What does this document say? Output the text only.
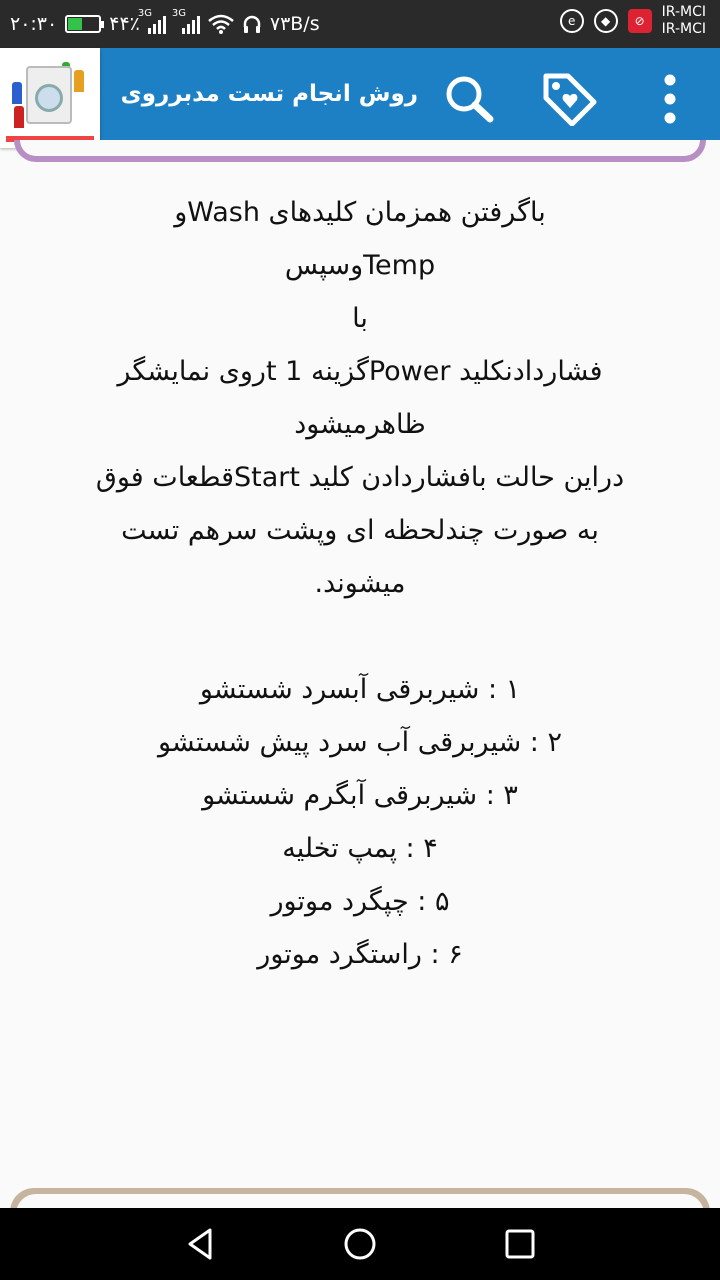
۲۰:۳۰	۴۴٪
3G 3G	۷۳B/s	e	◆	⊘
IR-MCI
IR-MCI
روش انجام تست مدبرروی

باگرفتن همزمان کلیدهای Washو

Tempوسپس

با

فشاردادنکلید Powerگزینه 1 tروی نمایشگر

ظاهرمیشود

دراین حالت بافشاردادن کلید Startقطعات فوق

به صورت چندلحظه ای وپشت سرهم تست

میشوند.

۱ : شیربرقی آبسرد شستشو

۲ : شیربرقی آب سرد پیش شستشو

۳ : شیربرقی آبگرم شستشو

۴ : پمپ تخلیه

۵ : چپگرد موتور

۶ : راستگرد موتور
